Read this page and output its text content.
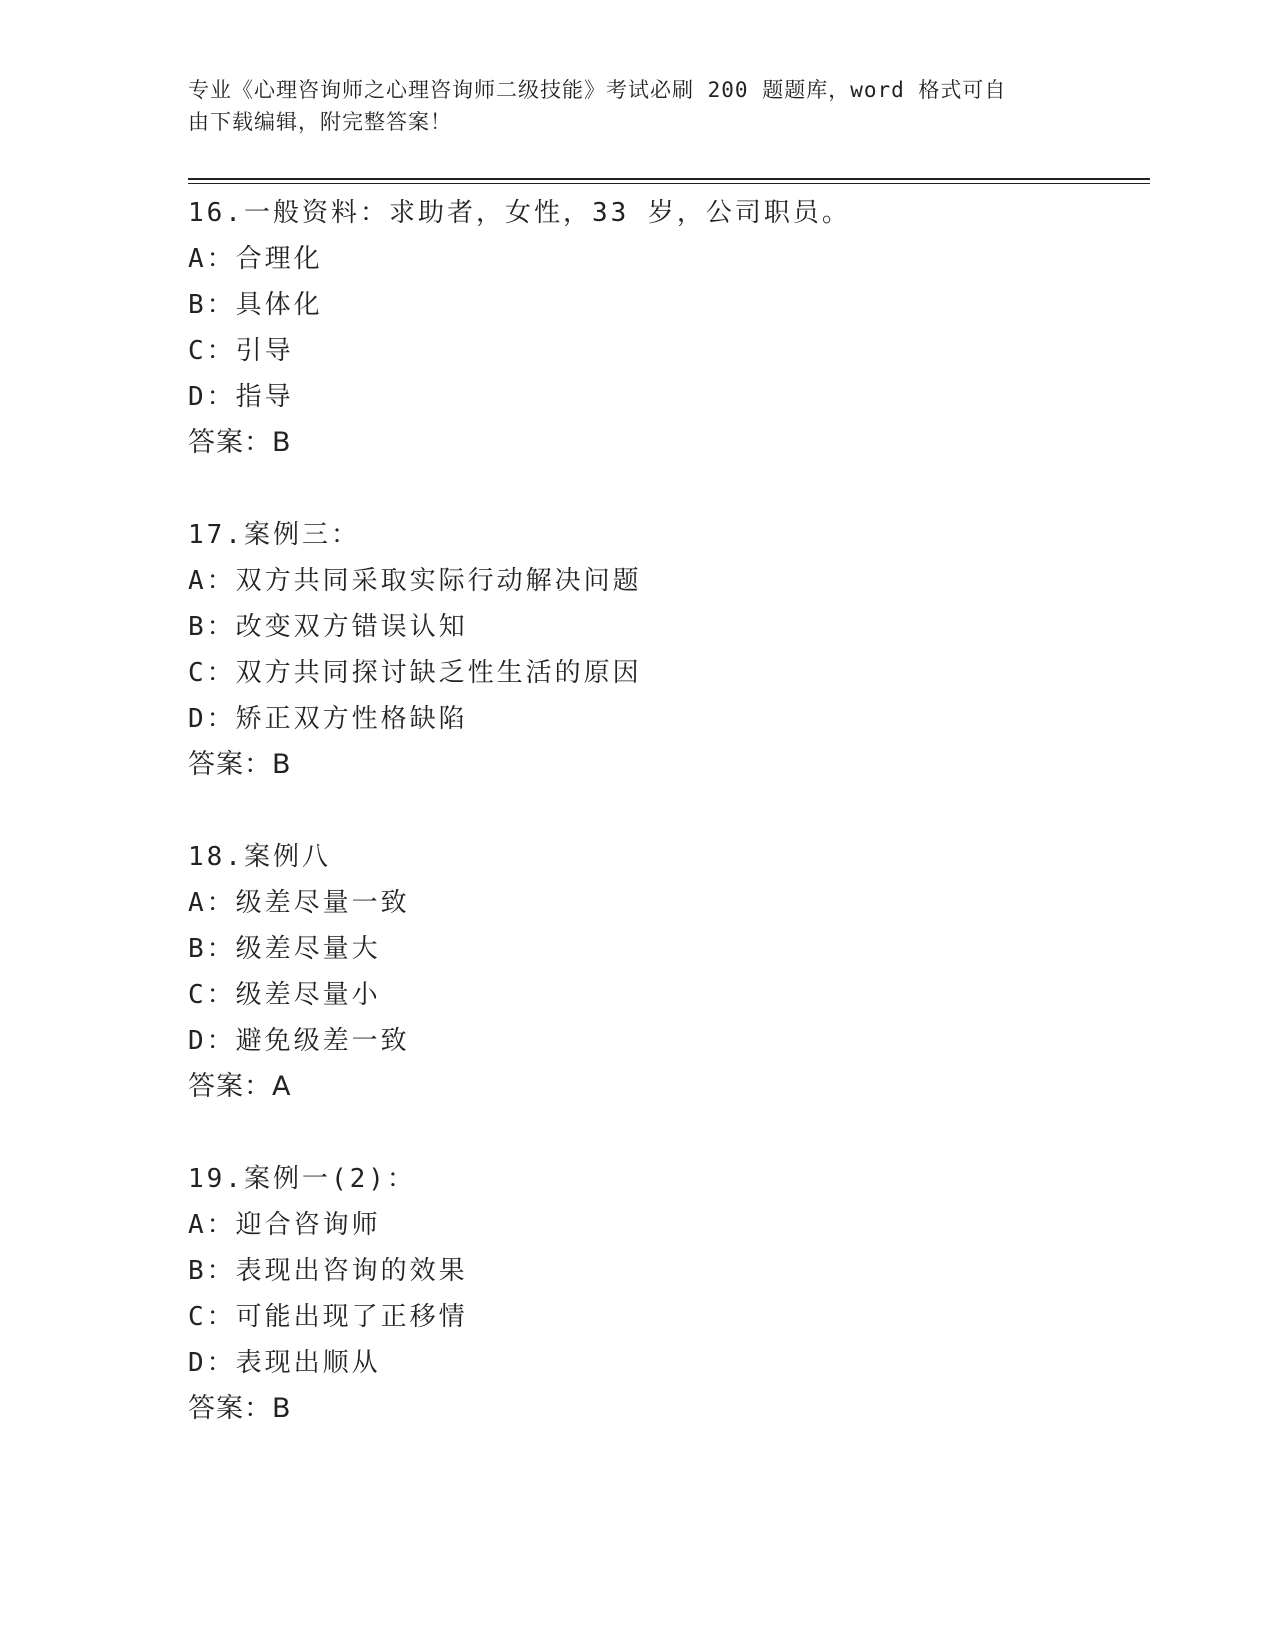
专业《心理咨询师之心理咨询师二级技能》考试必刷 200 题题库，word 格式可自
由下载编辑，附完整答案！
16.一般资料：求助者，女性，33 岁，公司职员。
A：合理化
B：具体化
C：引导
D：指导
答案：B
17.案例三：
A：双方共同采取实际行动解决问题
B：改变双方错误认知
C：双方共同探讨缺乏性生活的原因
D：矫正双方性格缺陷
答案：B
18.案例八
A：级差尽量一致
B：级差尽量大
C：级差尽量小
D：避免级差一致
答案：A
19.案例一(2)：
A：迎合咨询师
B：表现出咨询的效果
C：可能出现了正移情
D：表现出顺从
答案：B
